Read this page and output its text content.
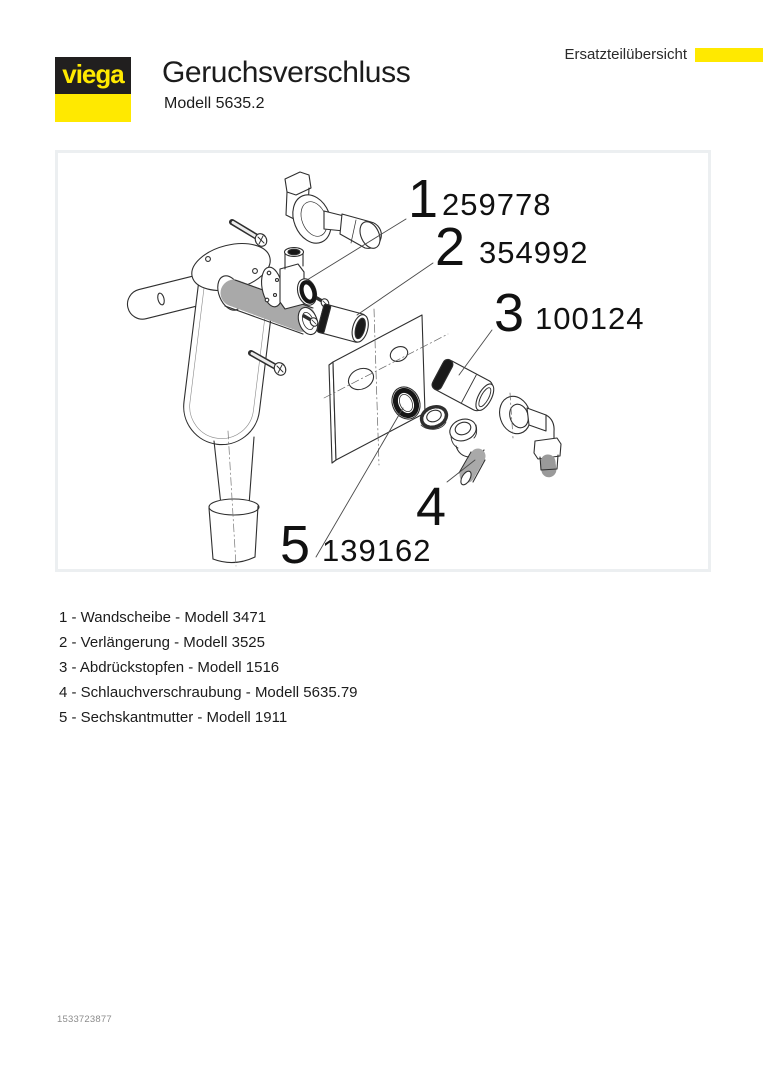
viega Geruchsverschluss
Modell 5635.2
Ersatzteilübersicht
1 259778
2 354992
3 100124
4
5 139162
1 - Wandscheibe - Modell 3471
2 - Verlängerung - Modell 3525
3 - Abdrückstopfen - Modell 1516
4 - Schlauchverschraubung - Modell 5635.79
5 - Sechskantmutter - Modell 1911
1533723877
